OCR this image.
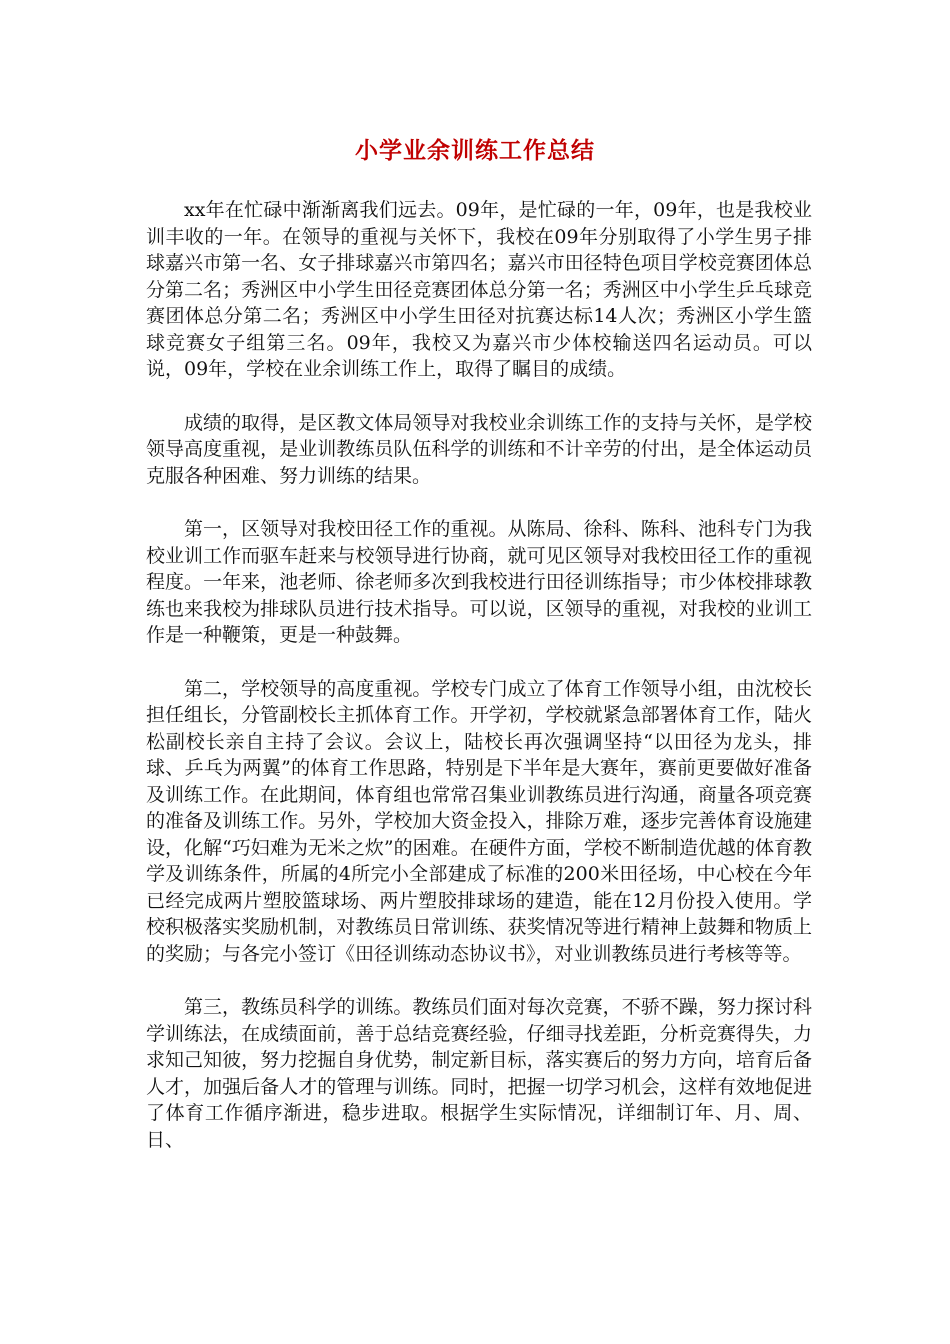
小学业余训练工作总结

xx年在忙碌中渐渐离我们远去。09年，是忙碌的一年，09年，也是我校业训丰收的一年。在领导的重视与关怀下，我校在09年分别取得了小学生男子排球嘉兴市第一名、女子排球嘉兴市第四名；嘉兴市田径特色项目学校竞赛团体总分第二名；秀洲区中小学生田径竞赛团体总分第一名；秀洲区中小学生乒乓球竞赛团体总分第二名；秀洲区中小学生田径对抗赛达标14人次；秀洲区小学生篮球竞赛女子组第三名。09年，我校又为嘉兴市少体校输送四名运动员。可以说，09年，学校在业余训练工作上，取得了瞩目的成绩。

成绩的取得，是区教文体局领导对我校业余训练工作的支持与关怀，是学校领导高度重视，是业训教练员队伍科学的训练和不计辛劳的付出，是全体运动员克服各种困难、努力训练的结果。

第一，区领导对我校田径工作的重视。从陈局、徐科、陈科、池科专门为我校业训工作而驱车赶来与校领导进行协商，就可见区领导对我校田径工作的重视程度。一年来，池老师、徐老师多次到我校进行田径训练指导；市少体校排球教练也来我校为排球队员进行技术指导。可以说，区领导的重视，对我校的业训工作是一种鞭策，更是一种鼓舞。

第二，学校领导的高度重视。学校专门成立了体育工作领导小组，由沈校长担任组长，分管副校长主抓体育工作。开学初，学校就紧急部署体育工作，陆火松副校长亲自主持了会议。会议上，陆校长再次强调坚持“以田径为龙头，排球、乒乓为两翼”的体育工作思路，特别是下半年是大赛年，赛前更要做好准备及训练工作。在此期间，体育组也常常召集业训教练员进行沟通，商量各项竞赛的准备及训练工作。另外，学校加大资金投入，排除万难，逐步完善体育设施建设，化解“巧妇难为无米之炊”的困难。在硬件方面，学校不断制造优越的体育教学及训练条件，所属的4所完小全部建成了标准的200米田径场，中心校在今年已经完成两片塑胶篮球场、两片塑胶排球场的建造，能在12月份投入使用。学校积极落实奖励机制，对教练员日常训练、获奖情况等进行精神上鼓舞和物质上的奖励；与各完小签订《田径训练动态协议书》，对业训教练员进行考核等等。

第三，教练员科学的训练。教练员们面对每次竞赛，不骄不躁，努力探讨科学训练法，在成绩面前，善于总结竞赛经验，仔细寻找差距，分析竞赛得失，力求知己知彼，努力挖掘自身优势，制定新目标，落实赛后的努力方向，培育后备人才，加强后备人才的管理与训练。同时，把握一切学习机会，这样有效地促进了体育工作循序渐进，稳步进取。根据学生实际情况，详细制订年、月、周、日、
